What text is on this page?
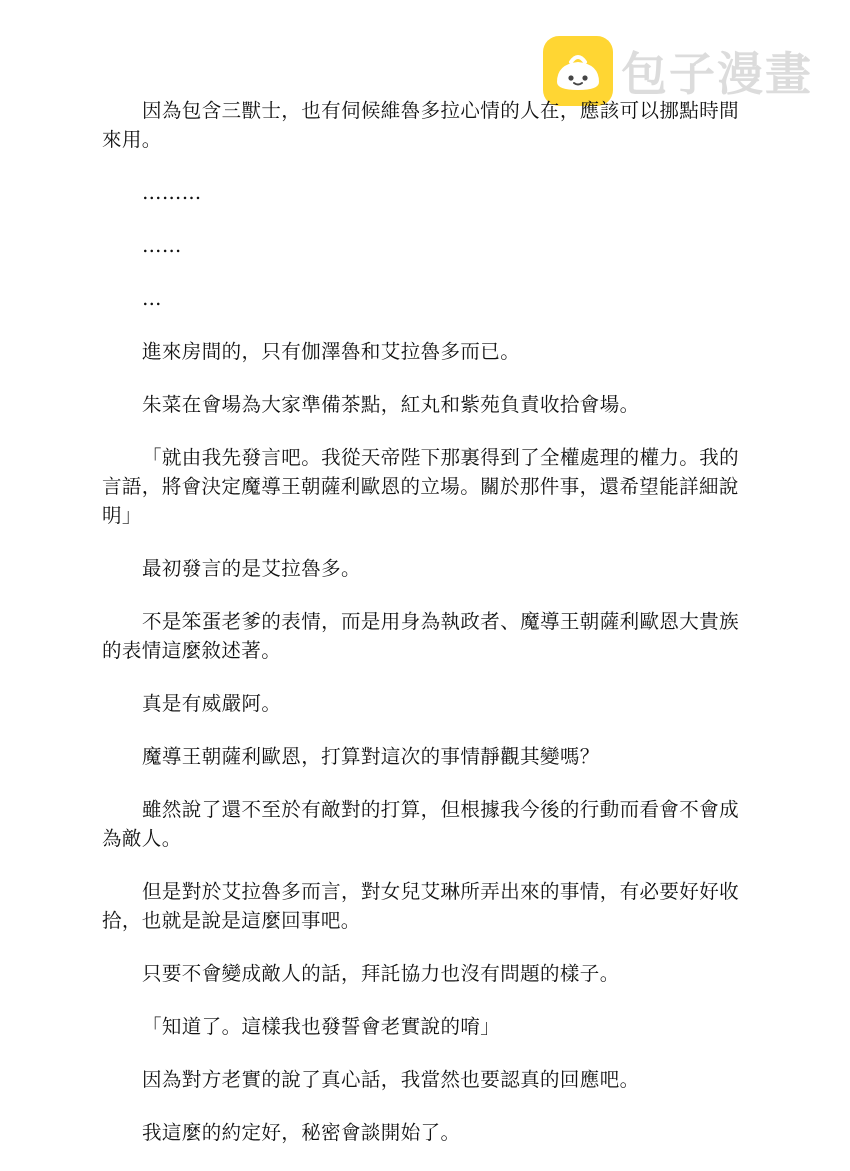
包子漫畫

因為包含三獸士，也有伺候維魯多拉心情的人在，應該可以挪點時間來用。

………

……

…

進來房間的，只有伽澤魯和艾拉魯多而已。

朱菜在會場為大家準備茶點，紅丸和紫苑負責收拾會場。

「就由我先發言吧。我從天帝陛下那裏得到了全權處理的權力。我的言語，將會決定魔導王朝薩利歐恩的立場。關於那件事，還希望能詳細說明」

最初發言的是艾拉魯多。

不是笨蛋老爹的表情，而是用身為執政者、魔導王朝薩利歐恩大貴族的表情這麼敘述著。

真是有威嚴阿。

魔導王朝薩利歐恩，打算對這次的事情靜觀其變嗎？

雖然說了還不至於有敵對的打算，但根據我今後的行動而看會不會成為敵人。

但是對於艾拉魯多而言，對女兒艾琳所弄出來的事情，有必要好好收拾，也就是說是這麼回事吧。

只要不會變成敵人的話，拜託協力也沒有問題的樣子。

「知道了。這樣我也發誓會老實說的唷」

因為對方老實的說了真心話，我當然也要認真的回應吧。

我這麼的約定好，秘密會談開始了。
